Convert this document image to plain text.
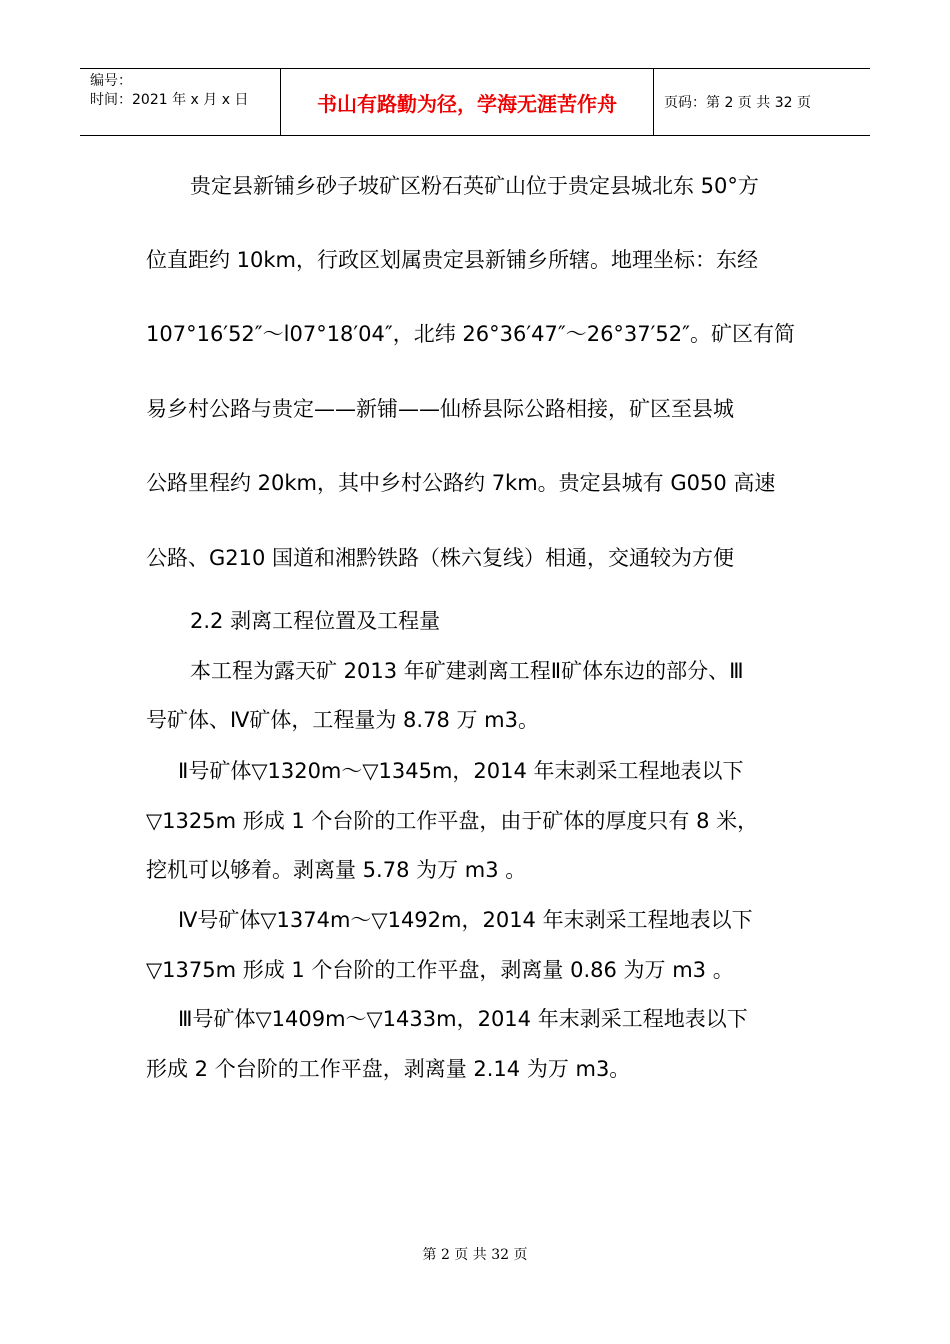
编号：
时间：2021 年 x 月 x 日	书山有路勤为径，学海无涯苦作舟	页码：第 2 页 共 32 页
贵定县新铺乡砂子坡矿区粉石英矿山位于贵定县城北东 50°方
位直距约 10km，行政区划属贵定县新铺乡所辖。地理坐标：东经
107°16′52″～l07°18′04″，北纬 26°36′47″～26°37′52″。矿区有简
易乡村公路与贵定——新铺——仙桥县际公路相接，矿区至县城
公路里程约 20km，其中乡村公路约 7km。贵定县城有 G050 高速
公路、G210 国道和湘黔铁路（株六复线）相通，交通较为方便
2.2 剥离工程位置及工程量
本工程为露天矿 2013 年矿建剥离工程Ⅱ矿体东边的部分、Ⅲ
号矿体、Ⅳ矿体，工程量为 8.78 万 m3。
Ⅱ号矿体▽1320m～▽1345m，2014 年末剥采工程地表以下
▽1325m 形成 1 个台阶的工作平盘，由于矿体的厚度只有 8 米，
挖机可以够着。剥离量 5.78 为万 m3 。
Ⅳ号矿体▽1374m～▽1492m，2014 年末剥采工程地表以下
▽1375m 形成 1 个台阶的工作平盘，剥离量 0.86 为万 m3 。
Ⅲ号矿体▽1409m～▽1433m，2014 年末剥采工程地表以下
形成 2 个台阶的工作平盘，剥离量 2.14 为万 m3。
第 2 页 共 32 页
